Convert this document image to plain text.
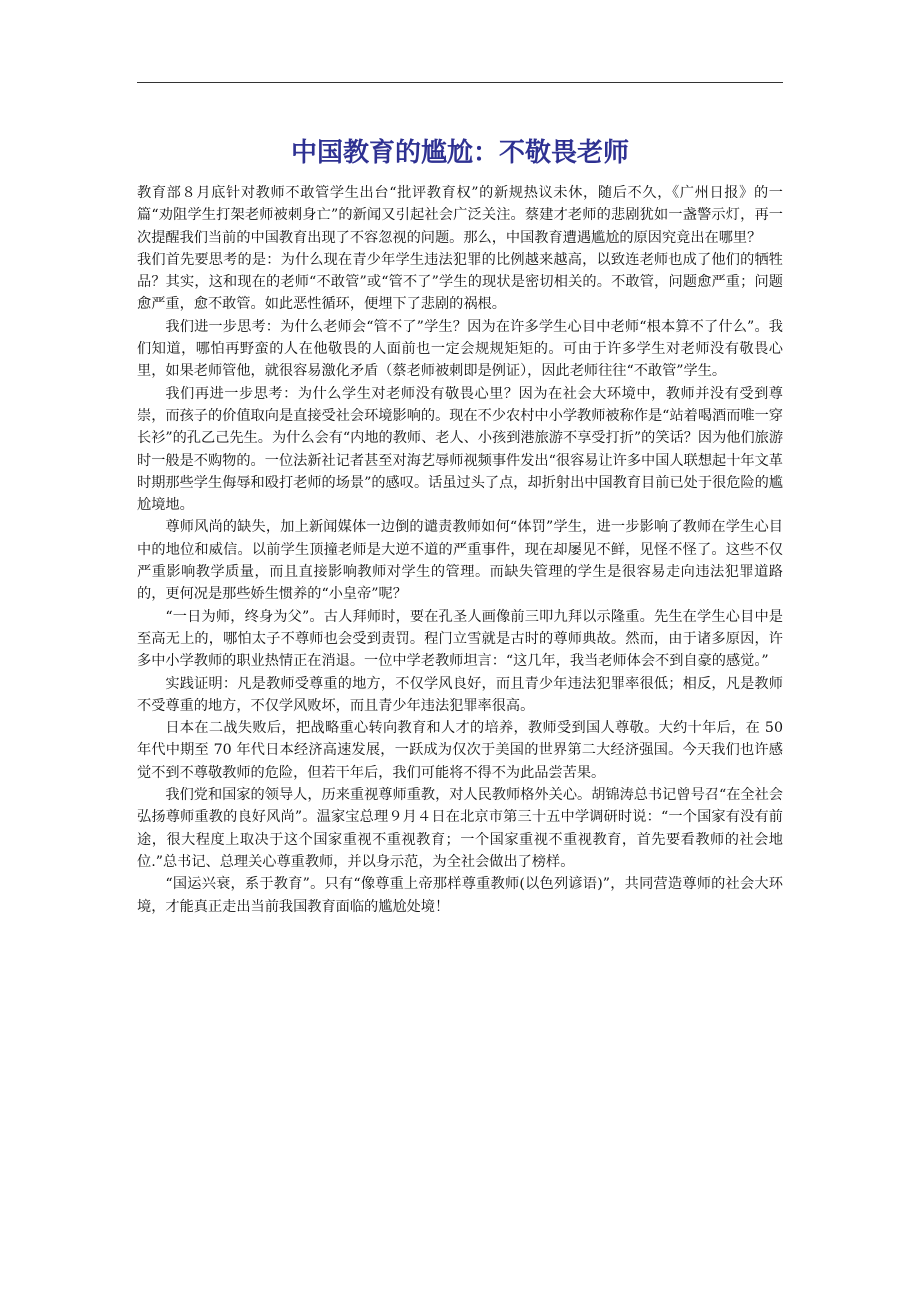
中国教育的尴尬：不敬畏老师

教育部８月底针对教师不敢管学生出台“批评教育权”的新规热议未休，随后不久，《广州日报》的一篇“劝阻学生打架老师被刺身亡”的新闻又引起社会广泛关注。蔡建才老师的悲剧犹如一盏警示灯，再一次提醒我们当前的中国教育出现了不容忽视的问题。那么，中国教育遭遇尴尬的原因究竟出在哪里？

我们首先要思考的是：为什么现在青少年学生违法犯罪的比例越来越高，以致连老师也成了他们的牺牲品？其实，这和现在的老师“不敢管”或“管不了”学生的现状是密切相关的。不敢管，问题愈严重；问题愈严重，愈不敢管。如此恶性循环，便埋下了悲剧的祸根。

我们进一步思考：为什么老师会“管不了”学生？因为在许多学生心目中老师“根本算不了什么”。我们知道，哪怕再野蛮的人在他敬畏的人面前也一定会规规矩矩的。可由于许多学生对老师没有敬畏心里，如果老师管他，就很容易激化矛盾（蔡老师被刺即是例证），因此老师往往“不敢管”学生。

我们再进一步思考：为什么学生对老师没有敬畏心里？因为在社会大环境中，教师并没有受到尊崇，而孩子的价值取向是直接受社会环境影响的。现在不少农村中小学教师被称作是“站着喝酒而唯一穿长衫”的孔乙己先生。为什么会有“内地的教师、老人、小孩到港旅游不享受打折”的笑话？因为他们旅游时一般是不购物的。一位法新社记者甚至对海艺辱师视频事件发出“很容易让许多中国人联想起十年文革时期那些学生侮辱和殴打老师的场景”的感叹。话虽过头了点，却折射出中国教育目前已处于很危险的尴尬境地。

尊师风尚的缺失，加上新闻媒体一边倒的谴责教师如何“体罚”学生，进一步影响了教师在学生心目中的地位和威信。以前学生顶撞老师是大逆不道的严重事件，现在却屡见不鲜，见怪不怪了。这些不仅严重影响教学质量，而且直接影响教师对学生的管理。而缺失管理的学生是很容易走向违法犯罪道路的，更何况是那些娇生惯养的“小皇帝”呢？

“一日为师，终身为父”。古人拜师时，要在孔圣人画像前三叩九拜以示隆重。先生在学生心目中是至高无上的，哪怕太子不尊师也会受到责罚。程门立雪就是古时的尊师典故。然而，由于诸多原因，许多中小学教师的职业热情正在消退。一位中学老教师坦言：“这几年，我当老师体会不到自豪的感觉。”

实践证明：凡是教师受尊重的地方，不仅学风良好，而且青少年违法犯罪率很低；相反，凡是教师不受尊重的地方，不仅学风败坏，而且青少年违法犯罪率很高。

日本在二战失败后，把战略重心转向教育和人才的培养，教师受到国人尊敬。大约十年后，在 50 年代中期至 70 年代日本经济高速发展，一跃成为仅次于美国的世界第二大经济强国。今天我们也许感觉不到不尊敬教师的危险，但若干年后，我们可能将不得不为此品尝苦果。

我们党和国家的领导人，历来重视尊师重教，对人民教师格外关心。胡锦涛总书记曾号召“在全社会弘扬尊师重教的良好风尚”。温家宝总理９月４日在北京市第三十五中学调研时说：“一个国家有没有前途，很大程度上取决于这个国家重视不重视教育；一个国家重视不重视教育，首先要看教师的社会地位.”总书记、总理关心尊重教师，并以身示范，为全社会做出了榜样。

“国运兴衰，系于教育”。只有“像尊重上帝那样尊重教师(以色列谚语)”，共同营造尊师的社会大环境，才能真正走出当前我国教育面临的尴尬处境！
